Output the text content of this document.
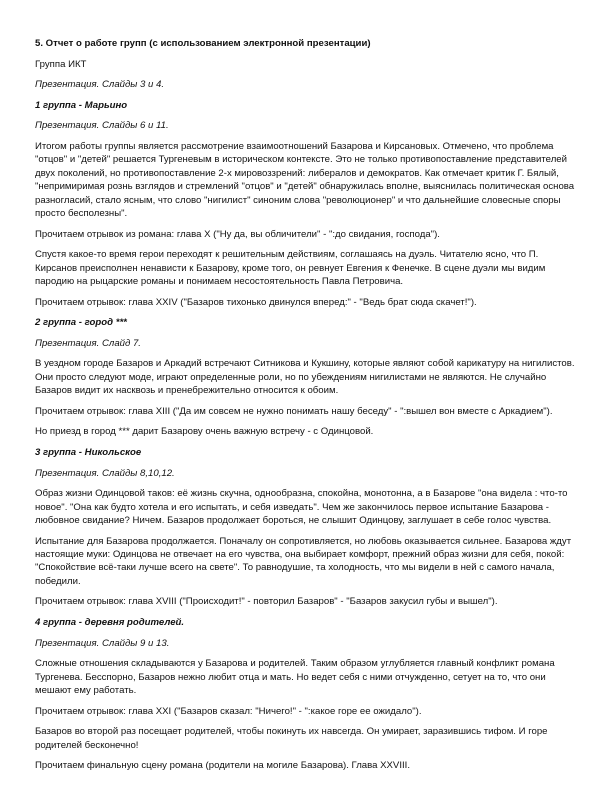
5. Отчет о работе групп (с использованием электронной презентации)

Группа ИКТ

Презентация. Слайды 3 и 4.

1 группа - Марьино

Презентация. Слайды 6 и 11.

Итогом работы группы является рассмотрение взаимоотношений Базарова и Кирсановых. Отмечено, что проблема "отцов" и "детей" решается Тургеневым в историческом контексте. Это не только противопоставление представителей двух поколений, но противопоставление 2-х мировоззрений: либералов и демократов. Как отмечает критик Г. Бялый, "непримиримая рознь взглядов и стремлений "отцов" и "детей" обнаружилась вполне, выяснилась политическая основа разногласий, стало ясным, что слово "нигилист" синоним слова "революционер" и что дальнейшие словесные споры просто бесполезны".

Прочитаем отрывок из романа: глава X ("Ну да, вы обличители" - ":до свидания, господа").

Спустя какое-то время герои переходят к решительным действиям, соглашаясь на дуэль. Читателю ясно, что П. Кирсанов преисполнен ненависти к Базарову, кроме того, он ревнует Евгения к Фенечке. В сцене дуэли мы видим пародию на рыцарские романы и понимаем несостоятельность Павла Петровича.

Прочитаем отрывок: глава XXIV ("Базаров тихонько двинулся вперед:" - "Ведь брат сюда скачет!").

2 группа - город ***

Презентация. Слайд 7.

В уездном городе Базаров и Аркадий встречают Ситникова и Кукшину, которые являют собой карикатуру на нигилистов. Они просто следуют моде, играют определенные роли, но по убеждениям нигилистами не являются. Не случайно Базаров видит их насквозь и пренебрежительно относится к обоим.

Прочитаем отрывок: глава XIII ("Да им совсем не нужно понимать нашу беседу" - ":вышел вон вместе с Аркадием").

Но приезд в город *** дарит Базарову очень важную встречу - с Одинцовой.

3 группа - Никольское

Презентация. Слайды 8,10,12.

Образ жизни Одинцовой таков: её жизнь скучна, однообразна, спокойна, монотонна, а в Базарове "она видела : что-то новое". "Она как будто хотела и его испытать, и себя изведать". Чем же закончилось первое испытание Базарова - любовное свидание? Ничем. Базаров продолжает бороться, не слышит Одинцову, заглушает в себе голос чувства.

Испытание для Базарова продолжается. Поначалу он сопротивляется, но любовь оказывается сильнее. Базарова ждут настоящие муки: Одинцова не отвечает на его чувства, она выбирает комфорт, прежний образ жизни для себя, покой: "Спокойствие всё-таки лучше всего на свете". То равнодушие, та холодность, что мы видели в ней с самого начала, победили.

Прочитаем отрывок: глава XVIII ("Происходит!" - повторил Базаров" - "Базаров закусил губы и вышел").

4 группа - деревня родителей.

Презентация. Слайды 9 и 13.

Сложные отношения складываются у Базарова и родителей. Таким образом углубляется главный конфликт романа Тургенева. Бесспорно, Базаров нежно любит отца и мать. Но ведет себя с ними отчужденно, сетует на то, что они мешают ему работать.

Прочитаем отрывок: глава XXI ("Базаров сказал: "Ничего!" - ":какое горе ее ожидало").

Базаров во второй раз посещает родителей, чтобы покинуть их навсегда. Он умирает, заразившись тифом. И горе родителей бесконечно!

Прочитаем финальную сцену романа (родители на могиле Базарова). Глава XXVIII.
